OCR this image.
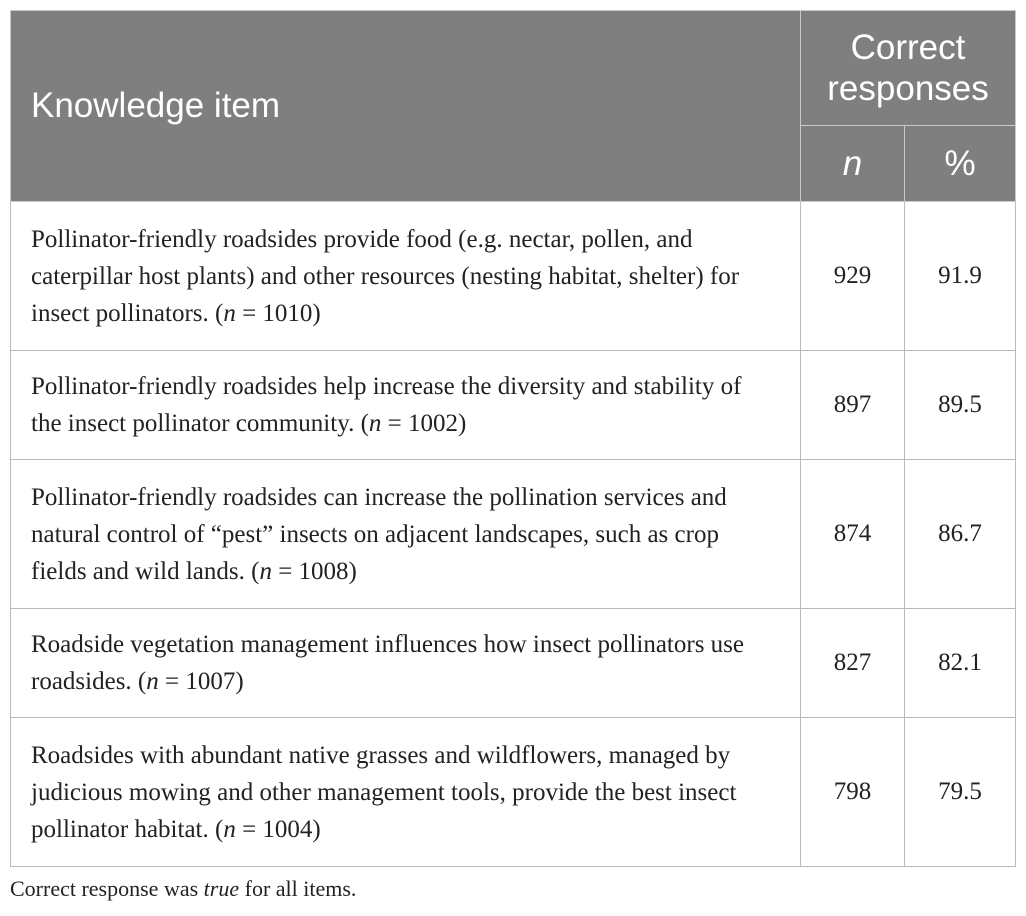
Knowledge item	Correct responses	
	n	%
Pollinator-friendly roadsides provide food (e.g. nectar, pollen, and caterpillar host plants) and other resources (nesting habitat, shelter) for insect pollinators. (n = 1010)	929	91.9
Pollinator-friendly roadsides help increase the diversity and stability of the insect pollinator community. (n = 1002)	897	89.5
Pollinator-friendly roadsides can increase the pollination services and natural control of “pest” insects on adjacent landscapes, such as crop fields and wild lands. (n = 1008)	874	86.7
Roadside vegetation management influences how insect pollinators use roadsides. (n = 1007)	827	82.1
Roadsides with abundant native grasses and wildflowers, managed by judicious mowing and other management tools, provide the best insect pollinator habitat. (n = 1004)	798	79.5
Correct response was true for all items.
